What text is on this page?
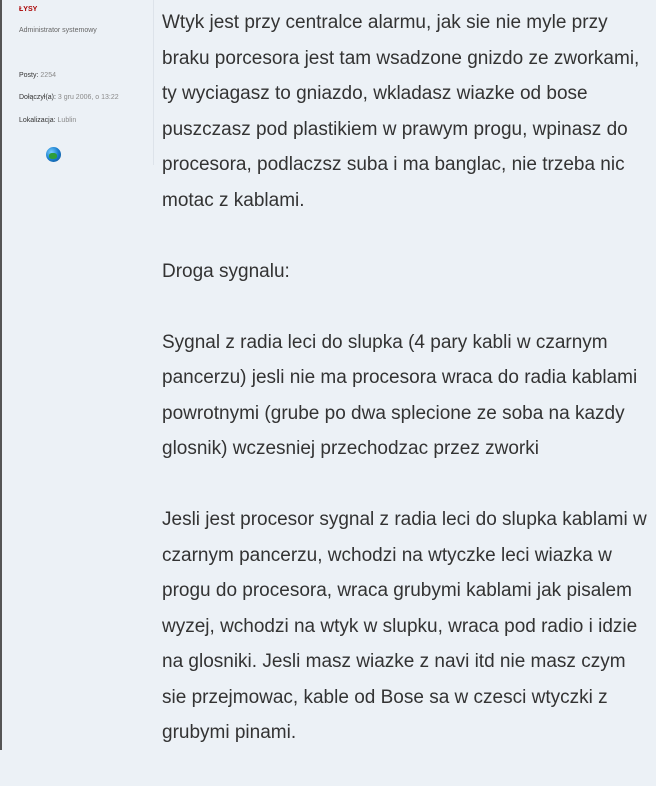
ŁYSY
Administrator systemowy
Posty: 2254
Dołączył(a): 3 gru 2006, o 13:22
Lokalizacja: Lublin

Wtyk jest przy centralce alarmu, jak sie nie myle przy braku porcesora jest tam wsadzone gnizdo ze zworkami, ty wyciagasz to gniazdo, wkladasz wiazke od bose puszczasz pod plastikiem w prawym progu, wpinasz do procesora, podlaczsz suba i ma banglac, nie trzeba nic motac z kablami.

Droga sygnalu:

Sygnal z radia leci do slupka (4 pary kabli w czarnym pancerzu) jesli nie ma procesora wraca do radia kablami powrotnymi (grube po dwa splecione ze soba na kazdy glosnik) wczesniej przechodzac przez zworki

Jesli jest procesor sygnal z radia leci do slupka kablami w czarnym pancerzu, wchodzi na wtyczke leci wiazka w progu do procesora, wraca grubymi kablami jak pisalem wyzej, wchodzi na wtyk w slupku, wraca pod radio i idzie na glosniki. Jesli masz wiazke z navi itd nie masz czym sie przejmowac, kable od Bose sa w czesci wtyczki z grubymi pinami.
